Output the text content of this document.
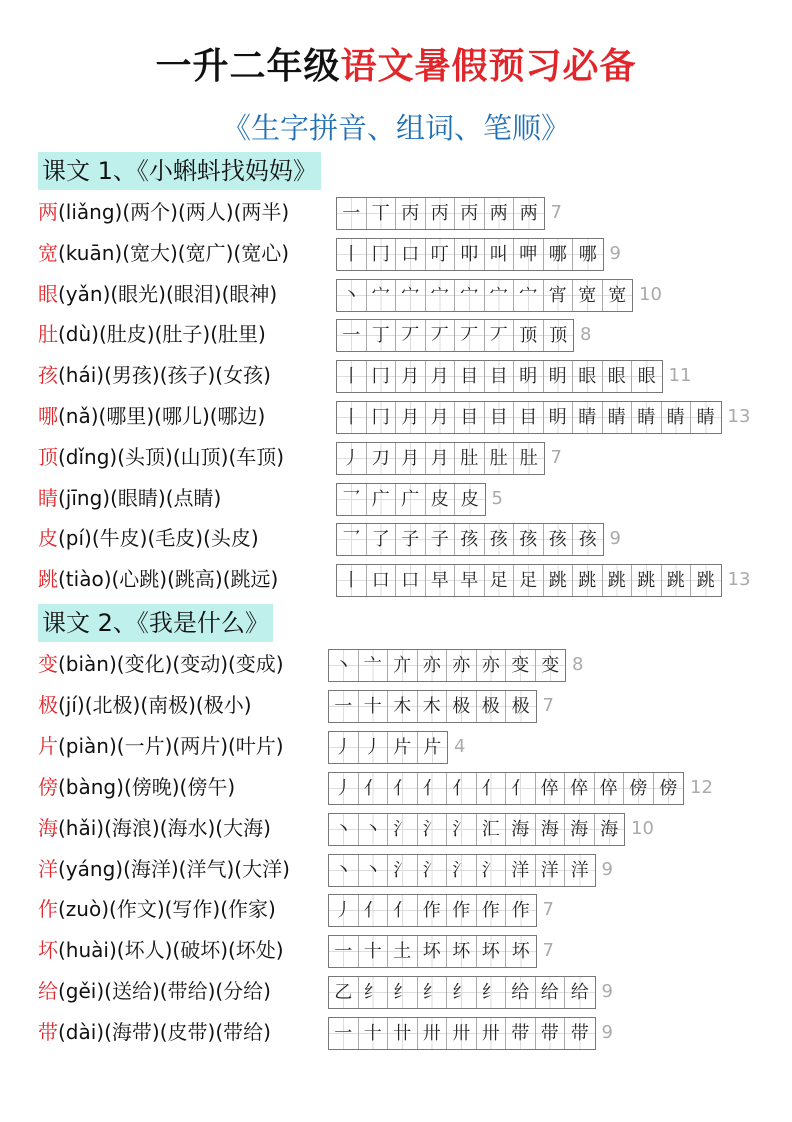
一升二年级语文暑假预习必备
《生字拼音、组词、笔顺》
课文 1、《小蝌蚪找妈妈》
课文 2、《我是什么》
两(liǎng)(两个)(两人)(两半)	一 丅 丙 丙 丙 两 两 7
宽(kuān)(宽大)(宽广)(宽心)	丨 冂 口 叮 叩 叫 呷 哪 哪 9
眼(yǎn)(眼光)(眼泪)(眼神)	丶 宀 宀 宀 宀 宀 宀 宵 宽 宽 10
肚(dù)(肚皮)(肚子)(肚里)	一 丁 丆 丆 丆 丆 顶 顶 8
孩(hái)(男孩)(孩子)(女孩)	丨 冂 月 月 目 目 眀 眀 眼 眼 眼 11
哪(nǎ)(哪里)(哪儿)(哪边)	丨 冂 月 月 目 目 目 眀 睛 睛 睛 睛 睛 13
顶(dǐng)(头顶)(山顶)(车顶)	丿 刀 月 月 肚 肚 肚 7
睛(jīng)(眼睛)(点睛)	乛 广 广 皮 皮 5
皮(pí)(牛皮)(毛皮)(头皮)	乛 了 子 子 孩 孩 孩 孩 孩 9
跳(tiào)(心跳)(跳高)(跳远)	丨 口 口 早 早 足 足 跳 跳 跳 跳 跳 跳 13
变(biàn)(变化)(变动)(变成)	丶 亠 亣 亦 亦 亦 变 变 8
极(jí)(北极)(南极)(极小)	一 十 木 木 极 极 极 7
片(piàn)(一片)(两片)(叶片)	丿 丿 片 片 4
傍(bàng)(傍晚)(傍午)	丿 亻 亻 亻 亻 亻 亻 倅 倅 倅 傍 傍 12
海(hǎi)(海浪)(海水)(大海)	丶 丶 氵 氵 氵 汇 海 海 海 海 10
洋(yáng)(海洋)(洋气)(大洋) 丶 丶 氵 氵 氵 氵 洋 洋 洋 9
作(zuò)(作文)(写作)(作家)	丿 亻 亻 作 作 作 作 7
坏(huài)(坏人)(破坏)(坏处)	一 十 土 坏 坏 坏 坏 7
给(gěi)(送给)(带给)(分给)	乙 纟 纟 纟 纟 纟 给 给 给 9
带(dài)(海带)(皮带)(带给)	一 十 卄 卅 卅 卅 带 带 带 9
